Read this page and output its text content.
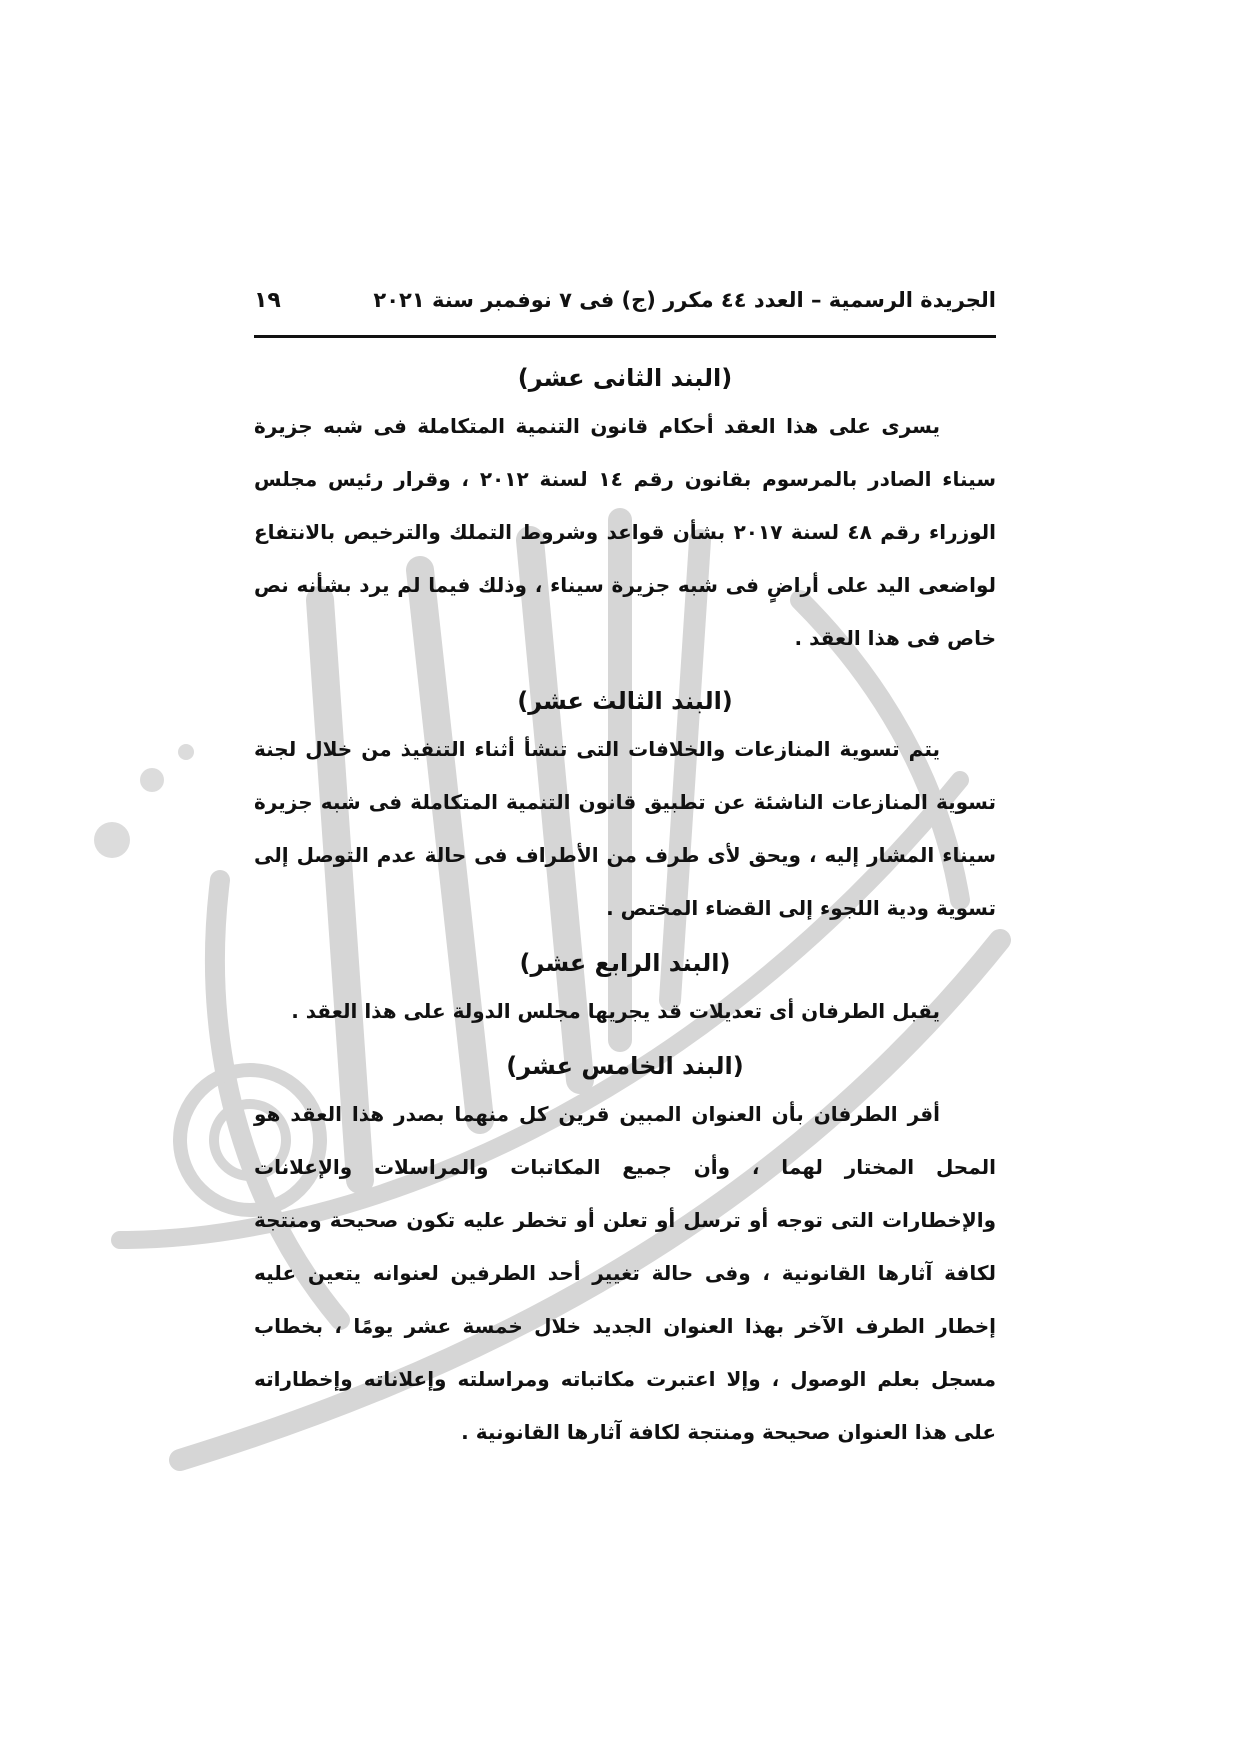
الجريدة الرسمية – العدد ٤٤ مكرر (ج) فى ٧ نوفمبر سنة ٢٠٢١
١٩
(البند الثانى عشر)

يسرى على هذا العقد أحكام قانون التنمية المتكاملة فى شبه جزيرة سيناء الصادر بالمرسوم بقانون رقم ١٤ لسنة ٢٠١٢ ، وقرار رئيس مجلس الوزراء رقم ٤٨ لسنة ٢٠١٧ بشأن قواعد وشروط التملك والترخيص بالانتفاع لواضعى اليد على أراضٍ فى شبه جزيرة سيناء ، وذلك فيما لم يرد بشأنه نص خاص فى هذا العقد .

(البند الثالث عشر)

يتم تسوية المنازعات والخلافات التى تنشأ أثناء التنفيذ من خلال لجنة تسوية المنازعات الناشئة عن تطبيق قانون التنمية المتكاملة فى شبه جزيرة سيناء المشار إليه ، ويحق لأى طرف من الأطراف فى حالة عدم التوصل إلى تسوية ودية اللجوء إلى القضاء المختص .

(البند الرابع عشر)

يقبل الطرفان أى تعديلات قد يجريها مجلس الدولة على هذا العقد .

(البند الخامس عشر)

أقر الطرفان بأن العنوان المبين قرين كل منهما بصدر هذا العقد هو المحل المختار لهما ، وأن جميع المكاتبات والمراسلات والإعلانات والإخطارات التى توجه أو ترسل أو تعلن أو تخطر عليه تكون صحيحة ومنتجة لكافة آثارها القانونية ، وفى حالة تغيير أحد الطرفين لعنوانه يتعين عليه إخطار الطرف الآخر بهذا العنوان الجديد خلال خمسة عشر يومًا ، بخطاب مسجل بعلم الوصول ، وإلا اعتبرت مكاتباته ومراسلته وإعلاناته وإخطاراته على هذا العنوان صحيحة ومنتجة لكافة آثارها القانونية .
